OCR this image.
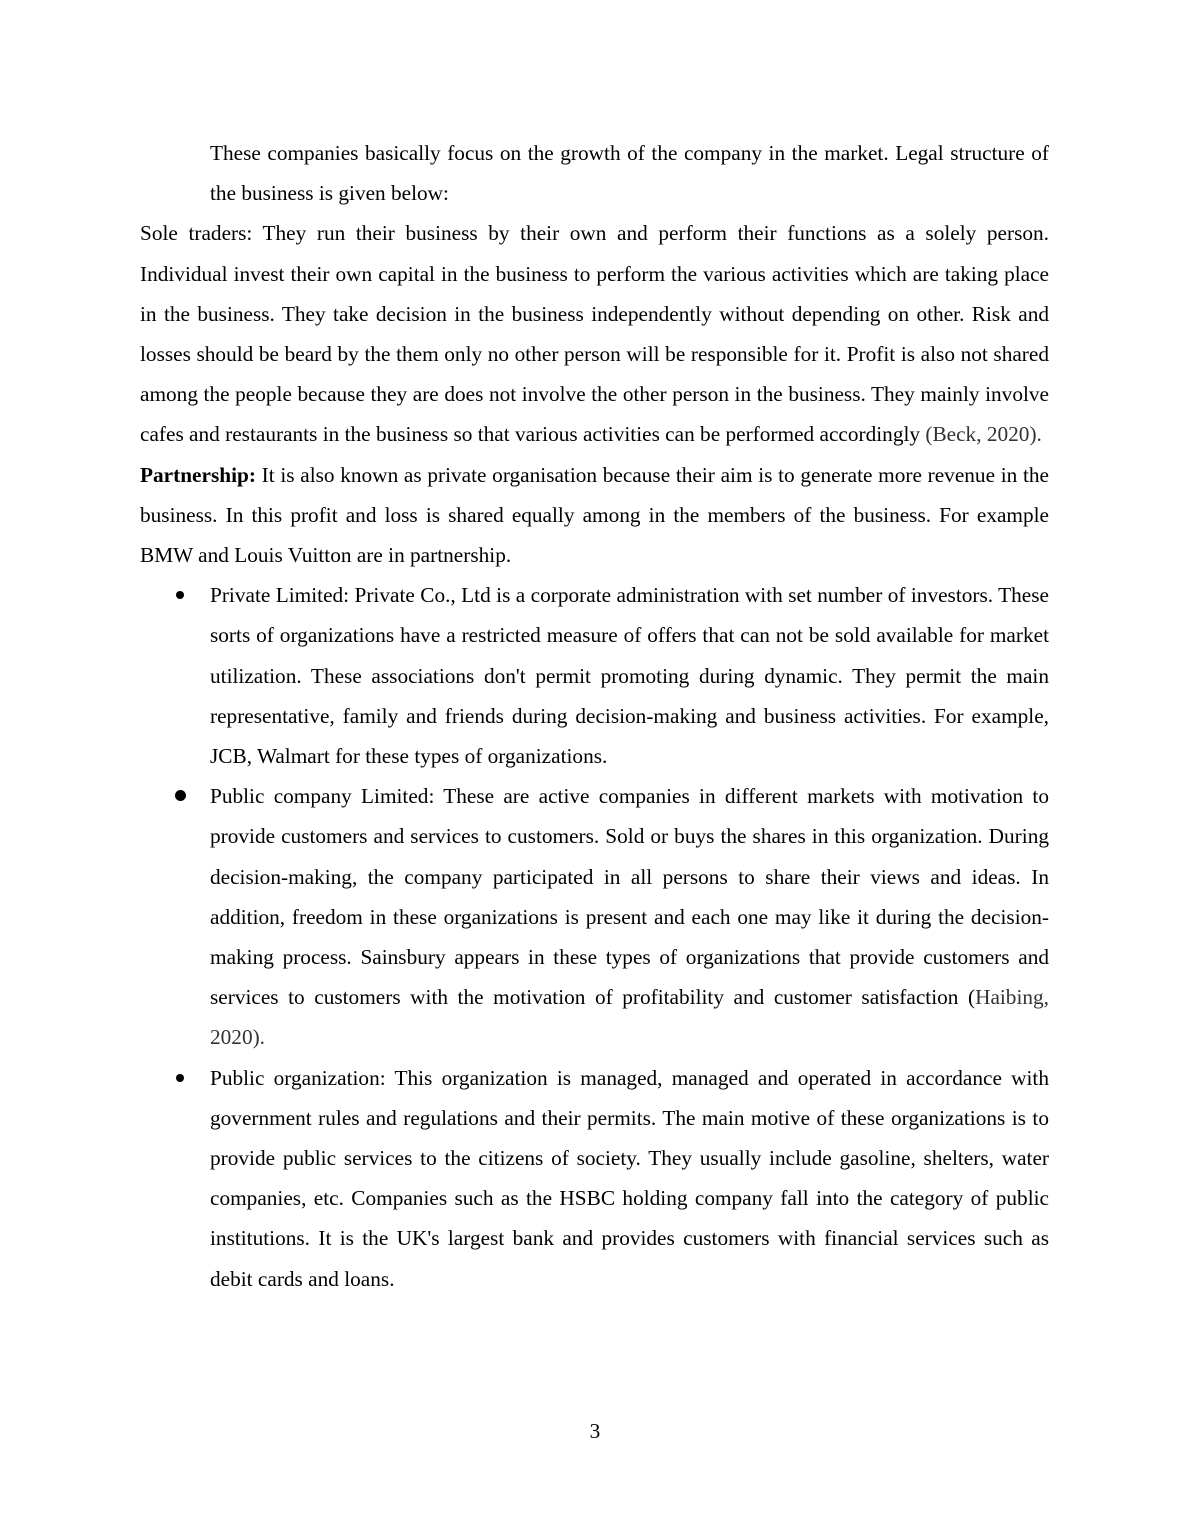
These companies basically focus on the growth of the company in the market. Legal structure of the business is given below:

Sole traders: They run their business by their own and perform their functions as a solely person. Individual invest their own capital in the business to perform the various activities which are taking place in the business. They take decision in the business independently without depending on other. Risk and losses should be beard by the them only no other person will be responsible for it. Profit is also not shared among the people because they are does not involve the other person in the business. They mainly involve cafes and restaurants in the business so that various activities can be performed accordingly (Beck, 2020).

Partnership: It is also known as private organisation because their aim is to generate more revenue in the business. In this profit and loss is shared equally among in the members of the business. For example BMW and Louis Vuitton are in partnership.

Private Limited: Private Co., Ltd is a corporate administration with set number of investors. These sorts of organizations have a restricted measure of offers that can not be sold available for market utilization. These associations don't permit promoting during dynamic. They permit the main representative, family and friends during decision-making and business activities. For example, JCB, Walmart for these types of organizations.
Public company Limited: These are active companies in different markets with motivation to provide customers and services to customers. Sold or buys the shares in this organization. During decision-making, the company participated in all persons to share their views and ideas. In addition, freedom in these organizations is present and each one may like it during the decision-making process. Sainsbury appears in these types of organizations that provide customers and services to customers with the motivation of profitability and customer satisfaction (Haibing, 2020).
Public organization: This organization is managed, managed and operated in accordance with government rules and regulations and their permits. The main motive of these organizations is to provide public services to the citizens of society. They usually include gasoline, shelters, water companies, etc. Companies such as the HSBC holding company fall into the category of public institutions. It is the UK's largest bank and provides customers with financial services such as debit cards and loans.
3
